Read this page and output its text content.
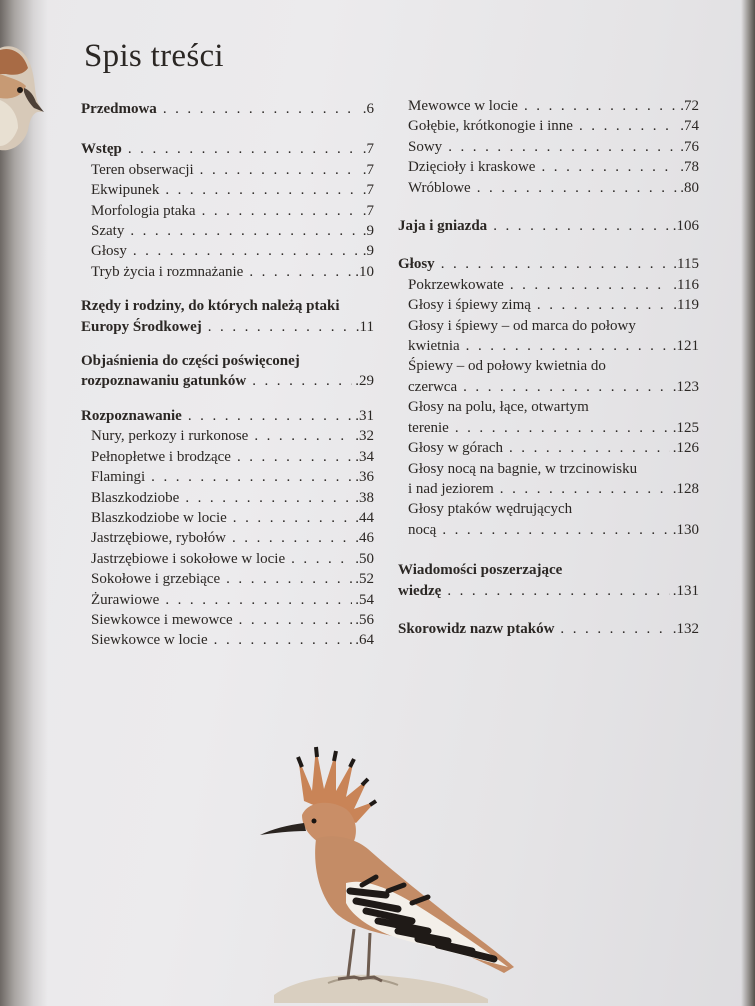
Spis treści
Przedmowa . . .	.6
Wstęp . . .	.7
Teren obserwacji . . .	.7
Ekwipunek . . .	.7
Morfologia ptaka . . .	.7
Szaty . . .	.9
Głosy . . .	.9
Tryb życia i rozmnażanie . . .	.10
Rzędy i rodziny, do których należą ptaki
Europy Środkowej . . .	.11
Objaśnienia do części poświęconej
rozpoznawaniu gatunków . . .	.29
Rozpoznawanie . . .	.31
Nury, perkozy i rurkonose . . .	.32
Pełnopłetwe i brodzące . . .	.34
Flamingi . . .	.36
Blaszkodziobe . . .	.38
Blaszkodziobe w locie . . .	.44
Jastrzębiowe, rybołów . . .	.46
Jastrzębiowe i sokołowe w locie . . .	.50
Sokołowe i grzebiące . . .	.52
Żurawiowe . . .	.54
Siewkowce i mewowce . . .	.56
Siewkowce w locie . . .	.64
Mewowce w locie . . .	.72
Gołębie, krótkonogie i inne . . .	.74
Sowy . . .	.76
Dzięcioły i kraskowe . . .	.78
Wróblowe . . .	.80
Jaja i gniazda . . .	.106
Głosy . . .	.115
Pokrzewkowate . . .	.116
Głosy i śpiewy zimą . . .	.119
Głosy i śpiewy – od marca do połowy
kwietnia . . .	.121
Śpiewy – od połowy kwietnia do
czerwca . . .	.123
Głosy na polu, łące, otwartym
terenie . . .	.125
Głosy w górach . . .	.126
Głosy nocą na bagnie, w trzcinowisku
i nad jeziorem . . .	.128
Głosy ptaków wędrujących
nocą . . .	.130
Wiadomości poszerzające
wiedzę . . .	.131
Skorowidz nazw ptaków . . .	.132
